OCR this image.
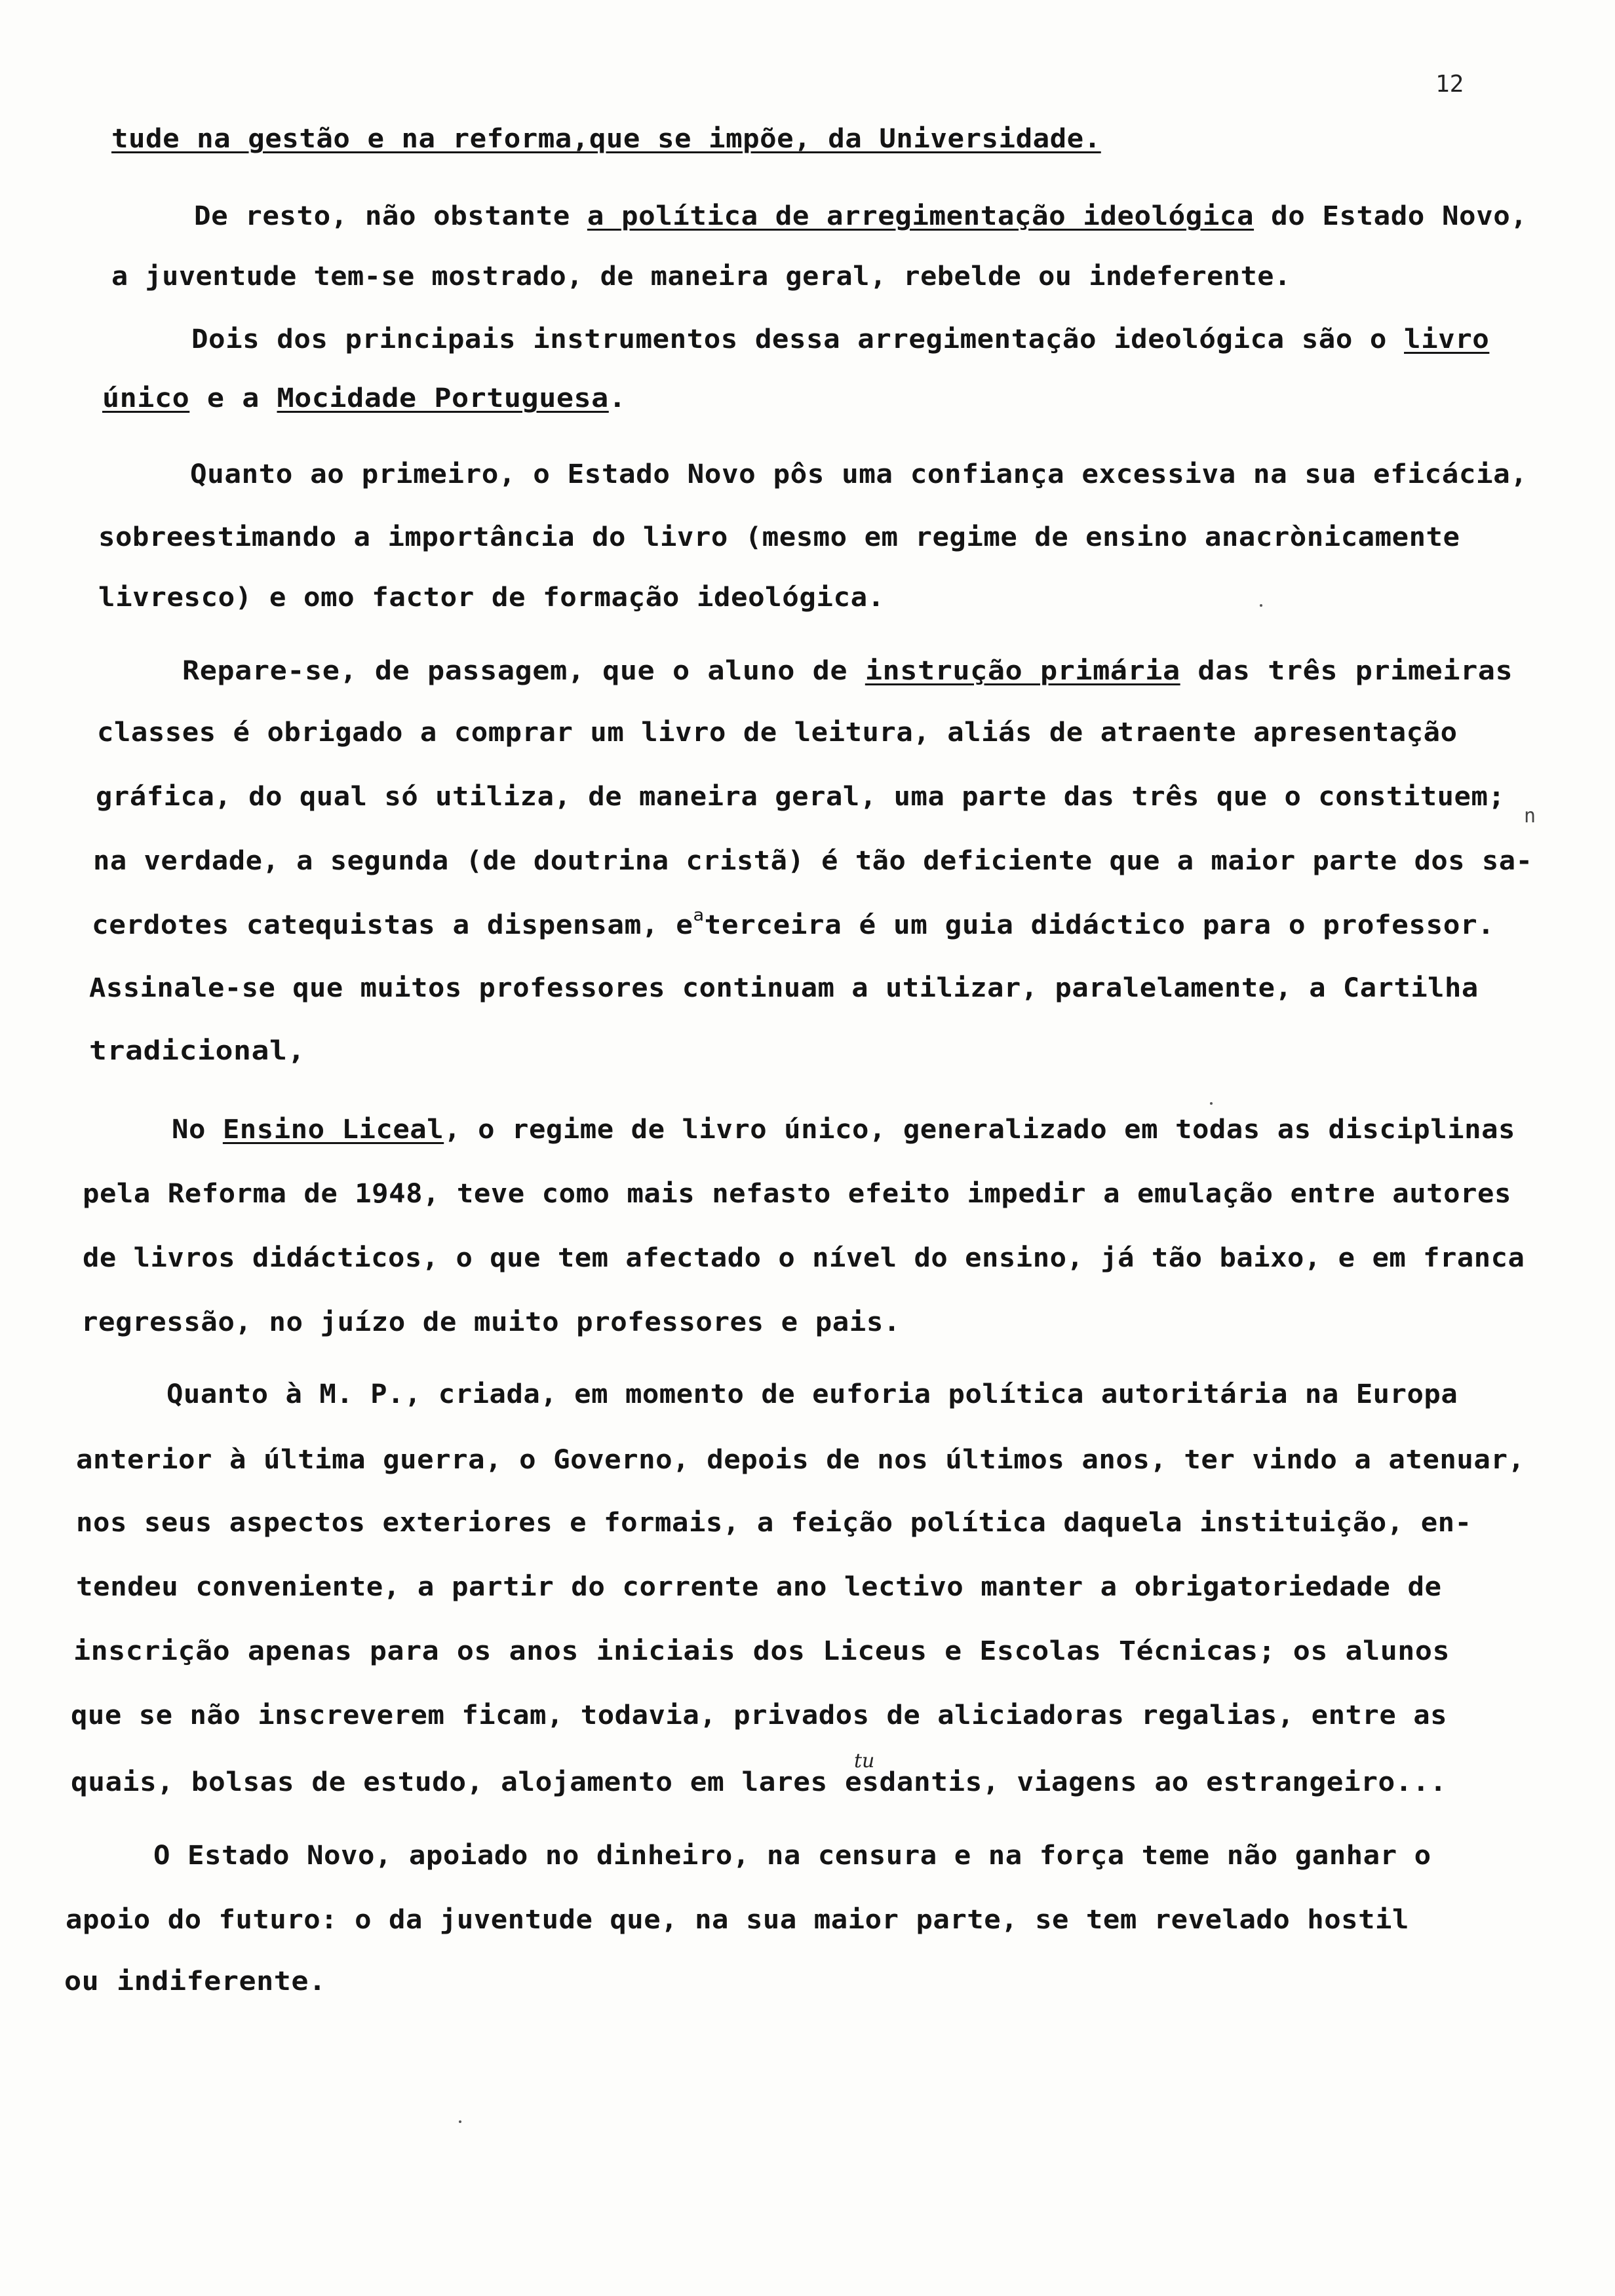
12
tude na gestão e na reforma,que se impõe, da Universidade.
De resto, não obstante a política de arregimentação ideológica do Estado Novo,
a juventude tem-se mostrado, de maneira geral, rebelde ou indeferente.
Dois dos principais instrumentos dessa arregimentação ideológica são o livro
único e a Mocidade Portuguesa.
Quanto ao primeiro, o Estado Novo pôs uma confiança excessiva na sua eficácia,
sobreestimando a importância do livro (mesmo em regime de ensino anacrònicamente
livresco) e omo factor de formação ideológica.
Repare-se, de passagem, que o aluno de instrução primária das três primeiras
classes é obrigado a comprar um livro de leitura, aliás de atraente apresentação
gráfica, do qual só utiliza, de maneira geral, uma parte das três que o constituem;
na verdade, a segunda (de doutrina cristã) é tão deficiente que a maior parte dos sa-
cerdotes catequistas a dispensam, $e^aterceira$ é um guia didáctico para o professor.
Assinale-se que muitos professores continuam a utilizar, paralelamente, a Cartilha
tradicional,
No Ensino Liceal, o regime de livro único, generalizado em todas as disciplinas
pela Reforma de 1948, teve como mais nefasto efeito impedir a emulação entre autores
de livros didácticos, o que tem afectado o nível do ensino, já tão baixo, e em franca
regressão, no juízo de muito professores e pais.
Quanto à M. P., criada, em momento de euforia política autoritária na Europa
anterior à última guerra, o Governo, depois de nos últimos anos, ter vindo a atenuar,
nos seus aspectos exteriores e formais, a feição política daquela instituição, en-
tendeu conveniente, a partir do corrente ano lectivo manter a obrigatoriedade de
inscrição apenas para os anos iniciais dos Liceus e Escolas Técnicas; os alunos
que se não inscreverem ficam, todavia, privados de aliciadoras regalias, entre as
quais, bolsas de estudo, alojamento em lares esdantis, viagens ao estrangeiro...
O Estado Novo, apoiado no dinheiro, na censura e na força teme não ganhar o
apoio do futuro: o da juventude que, na sua maior parte, se tem revelado hostil
ou indiferente.
n
tu
